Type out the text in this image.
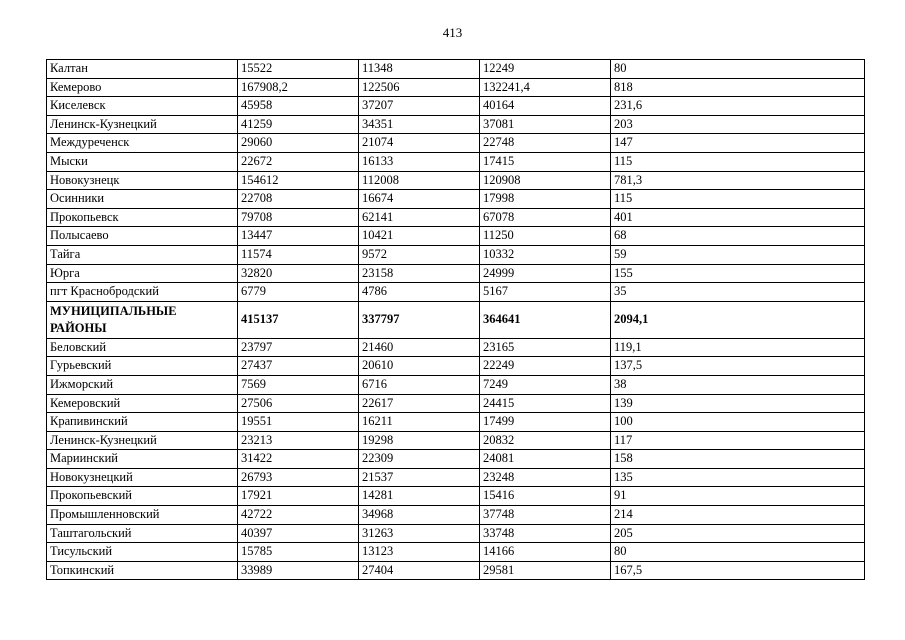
413
Калтан	15522	11348	12249	80
Кемерово	167908,2	122506	132241,4	818
Киселевск	45958	37207	40164	231,6
Ленинск-Кузнецкий	41259	34351	37081	203
Междуреченск	29060	21074	22748	147
Мыски	22672	16133	17415	115
Новокузнецк	154612	112008	120908	781,3
Осинники	22708	16674	17998	115
Прокопьевск	79708	62141	67078	401
Полысаево	13447	10421	11250	68
Тайга	11574	9572	10332	59
Юрга	32820	23158	24999	155
пгт Краснобродский	6779	4786	5167	35
МУНИЦИПАЛЬНЫЕ РАЙОНЫ	415137	337797	364641	2094,1
Беловский	23797	21460	23165	119,1
Гурьевский	27437	20610	22249	137,5
Ижморский	7569	6716	7249	38
Кемеровский	27506	22617	24415	139
Крапивинский	19551	16211	17499	100
Ленинск-Кузнецкий	23213	19298	20832	117
Мариинский	31422	22309	24081	158
Новокузнецкий	26793	21537	23248	135
Прокопьевский	17921	14281	15416	91
Промышленновский	42722	34968	37748	214
Таштагольский	40397	31263	33748	205
Тисульский	15785	13123	14166	80
Топкинский	33989	27404	29581	167,5
